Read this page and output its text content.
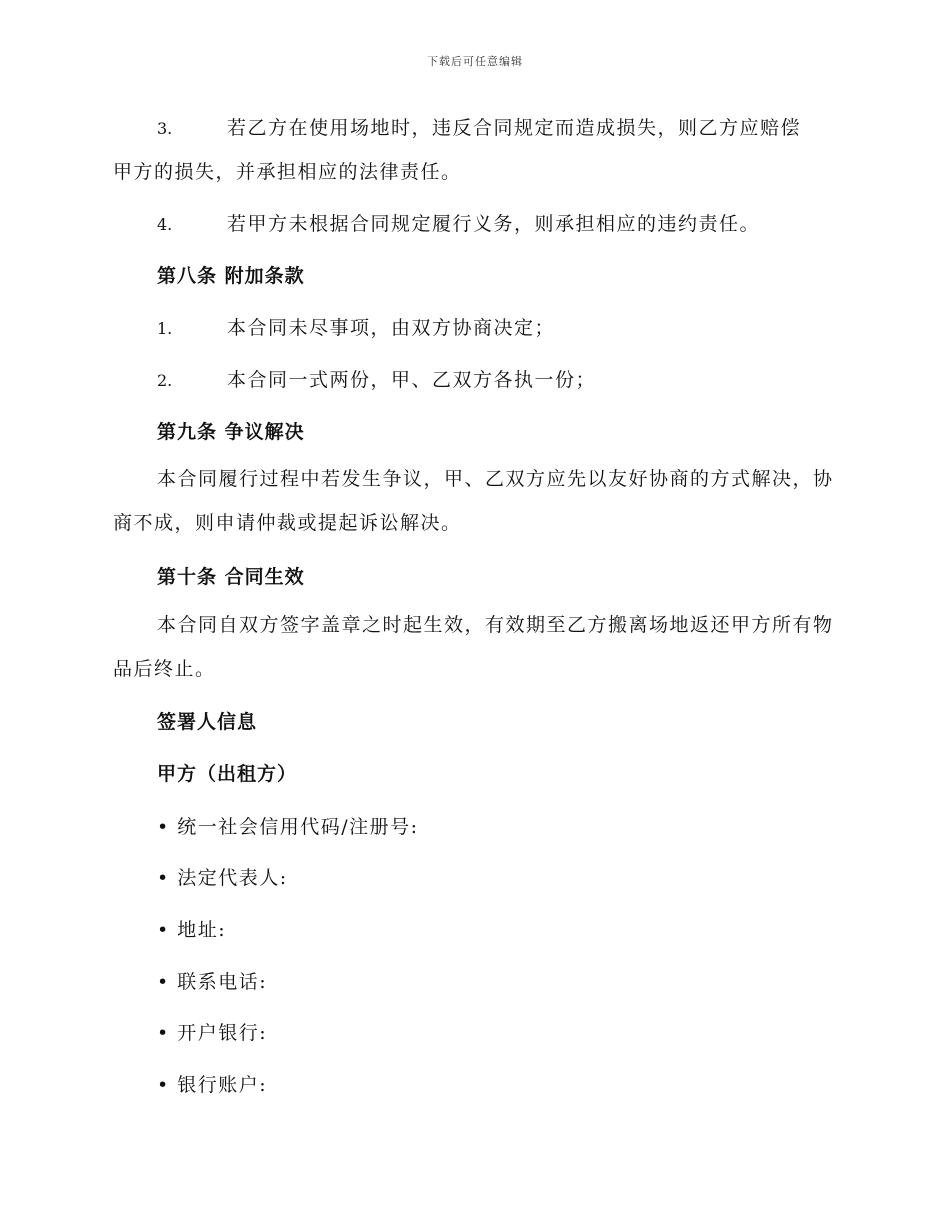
下载后可任意编辑
3.	若乙方在使用场地时，违反合同规定而造成损失，则乙方应赔偿
甲方的损失，并承担相应的法律责任。
4.	若甲方未根据合同规定履行义务，则承担相应的违约责任。
第八条 附加条款
1.	本合同未尽事项，由双方协商决定；
2.	本合同一式两份，甲、乙双方各执一份；
第九条 争议解决
本合同履行过程中若发生争议，甲、乙双方应先以友好协商的方式解决，协商不成，则申请仲裁或提起诉讼解决。
第十条 合同生效
本合同自双方签字盖章之时起生效，有效期至乙方搬离场地返还甲方所有物品后终止。
签署人信息
甲方（出租方）
• 统一社会信用代码/注册号:
• 法定代表人:
• 地址:
• 联系电话:
• 开户银行:
• 银行账户:
